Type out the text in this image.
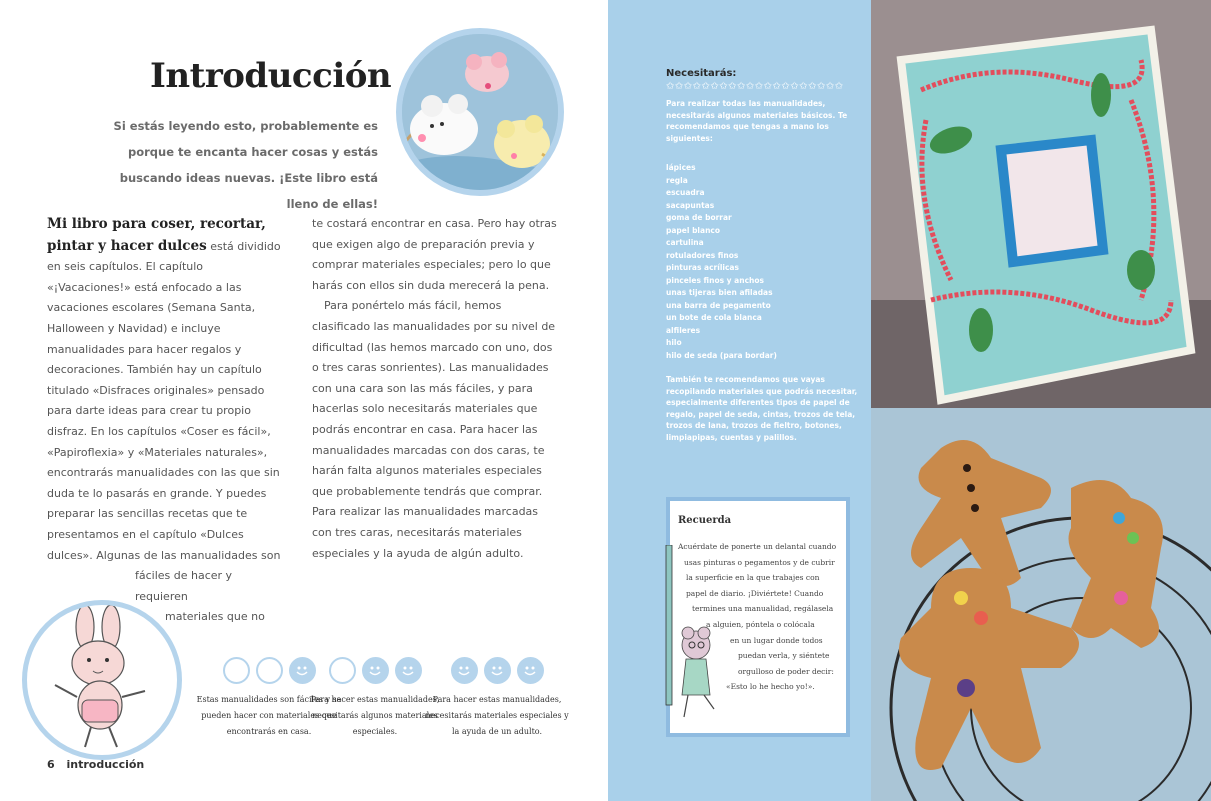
Introducción

Si estás leyendo esto, probablemente es porque te encanta hacer cosas y estás buscando ideas nuevas. ¡Este libro está lleno de ellas!

Mi libro para coser, recortar, pintar y hacer dulces está dividido en seis capítulos. El capítulo «¡Vacaciones!» está enfocado a las vacaciones escolares (Semana Santa, Halloween y Navidad) e incluye manualidades para hacer regalos y decoraciones. También hay un capítulo titulado «Disfraces originales» pensado para darte ideas para crear tu propio disfraz. En los capítulos «Coser es fácil», «Papiroflexia» y «Materiales naturales», encontrarás manualidades con las que sin duda te lo pasarás en grande. Y puedes preparar las sencillas recetas que te presentamos en el capítulo «Dulces dulces». Algunas de las manualidades son

fáciles de hacer y requieren
materiales que no

te costará encontrar en casa. Pero hay otras que exigen algo de preparación previa y comprar materiales especiales; pero lo que harás con ellos sin duda merecerá la pena.

Para ponértelo más fácil, hemos clasificado las manualidades por su nivel de dificultad (las hemos marcado con uno, dos o tres caras sonrientes). Las manualidades con una cara son las más fáciles, y para hacerlas solo necesitarás materiales que podrás encontrar en casa. Para hacer las manualidades marcadas con dos caras, te harán falta algunos materiales especiales que probablemente tendrás que comprar. Para realizar las manualidades marcadas con tres caras, necesitarás materiales especiales y la ayuda de algún adulto.

Estas manualidades son fáciles y se pueden hacer con materiales que encontrarás en casa.
Para hacer estas manualidades, necesitarás algunos materiales especiales.
Para hacer estas manualidades, necesitarás materiales especiales y la ayuda de un adulto.
6 introducción
Necesitarás:
✩✩✩✩✩✩✩✩✩✩✩✩✩✩✩✩✩✩✩✩
Para realizar todas las manualidades, necesitarás algunos materiales básicos. Te recomendamos que tengas a mano los siguientes:
lápices
regla
escuadra
sacapuntas
goma de borrar
papel blanco
cartulina
rotuladores finos
pinturas acrílicas
pinceles finos y anchos
unas tijeras bien afiladas
una barra de pegamento
un bote de cola blanca
alfileres
hilo
hilo de seda (para bordar)
También te recomendamos que vayas recopilando materiales que podrás necesitar, especialmente diferentes tipos de papel de regalo, papel de seda, cintas, trozos de tela, trozos de lana, trozos de fieltro, botones, limpiapipas, cuentas y palillos.
Recuerda
Acuérdate de ponerte un delantal cuando
usas pinturas o pegamentos y de cubrir
la superficie en la que trabajes con
papel de diario. ¡Diviértete! Cuando
termines una manualidad, regálasela
a alguien, póntela o colócala
en un lugar donde todos
puedan verla, y siéntete
orgulloso de poder decir:
«Esto lo he hecho yo!».
